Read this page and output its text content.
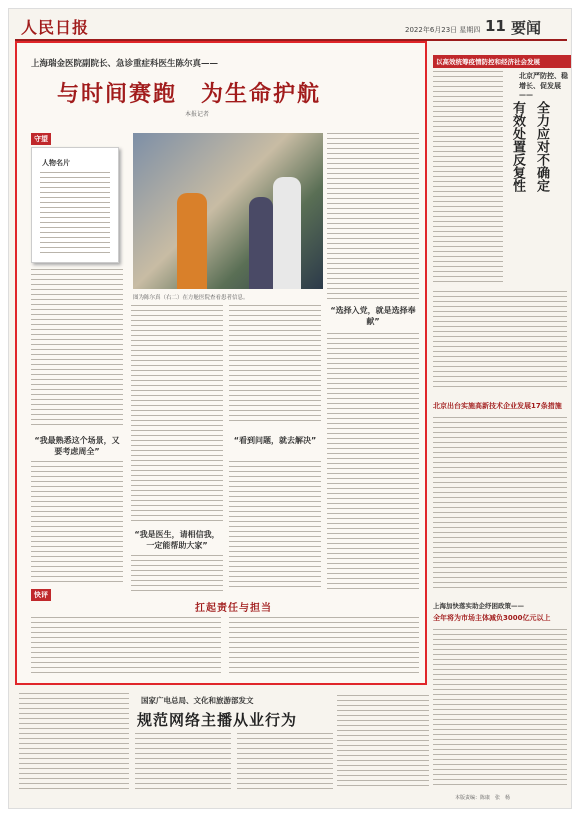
人民日报	2022年6月23日 星期四 11 要闻
上海瑞金医院副院长、急诊重症科医生陈尔真——
与时间赛跑　为生命护航
本报记者　
守望
人物名片
图为陈尔真（右二）在方舱医院查看患者信息。
“我最熟悉这个场景，又要考虑周全”
“我是医生，请相信我，一定能帮助大家”
“看到问题，就去解决”
“选择入党，就是选择奉献”
快评
扛起责任与担当
以高效统筹疫情防控和经济社会发展
北京严防控、稳增长、促发展——
有效处置反复性 全力应对不确定
北京出台实施高新技术企业发展17条措施
上海加快落实助企纾困政策——
全年将为市场主体减负3000亿元以上
国家广电总局、文化和旅游部发文
规范网络主播从业行为
本版责编：陈康　张　杨
